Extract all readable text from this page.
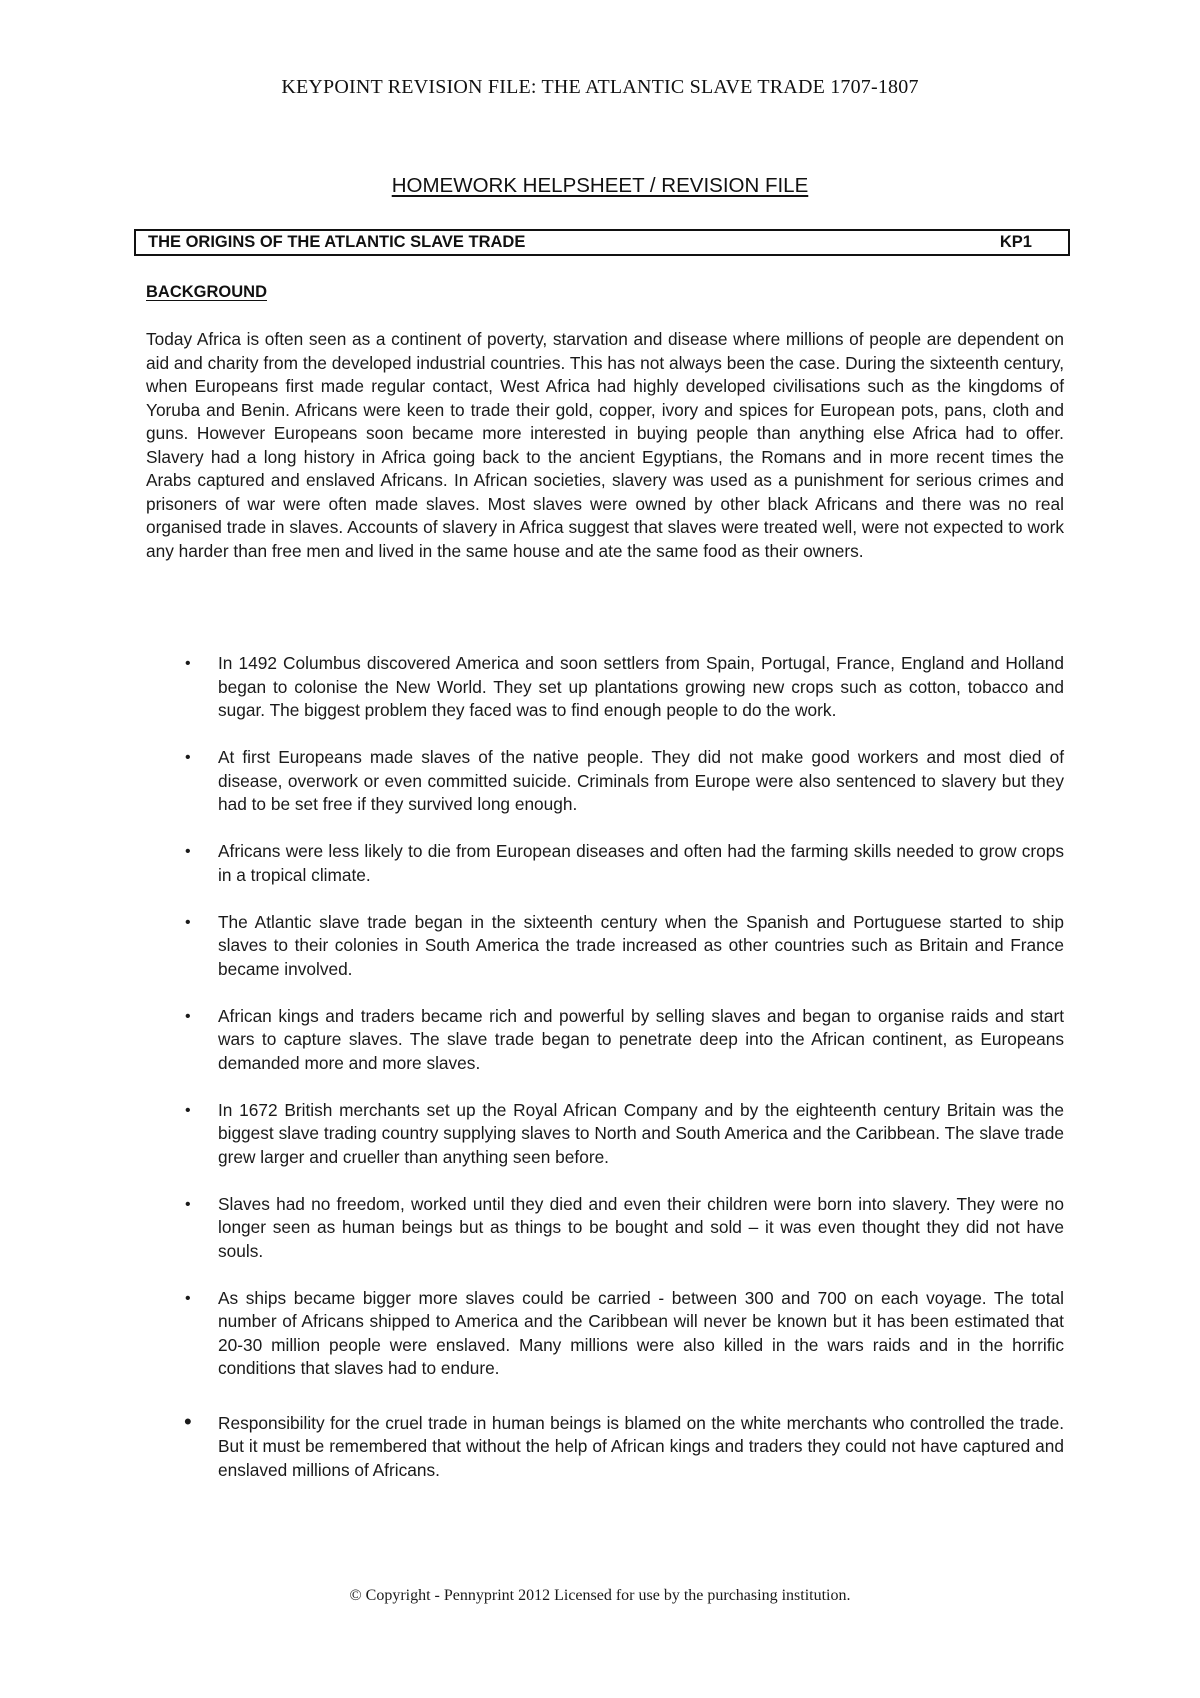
KEYPOINT REVISION FILE: THE ATLANTIC SLAVE TRADE 1707-1807
HOMEWORK HELPSHEET / REVISION FILE
THE ORIGINS OF THE ATLANTIC SLAVE TRADE	KP1
BACKGROUND

Today Africa is often seen as a continent of poverty, starvation and disease where millions of people are dependent on aid and charity from the developed industrial countries. This has not always been the case. During the sixteenth century, when Europeans first made regular contact, West Africa had highly developed civilisations such as the kingdoms of Yoruba and Benin. Africans were keen to trade their gold, copper, ivory and spices for European pots, pans, cloth and guns. However Europeans soon became more interested in buying people than anything else Africa had to offer. Slavery had a long history in Africa going back to the ancient Egyptians, the Romans and in more recent times the Arabs captured and enslaved Africans. In African societies, slavery was used as a punishment for serious crimes and prisoners of war were often made slaves. Most slaves were owned by other black Africans and there was no real organised trade in slaves. Accounts of slavery in Africa suggest that slaves were treated well, were not expected to work any harder than free men and lived in the same house and ate the same food as their owners.

• In 1492 Columbus discovered America and soon settlers from Spain, Portugal, France, England and Holland began to colonise the New World. They set up plantations growing new crops such as cotton, tobacco and sugar. The biggest problem they faced was to find enough people to do the work.
• At first Europeans made slaves of the native people. They did not make good workers and most died of disease, overwork or even committed suicide. Criminals from Europe were also sentenced to slavery but they had to be set free if they survived long enough.
• Africans were less likely to die from European diseases and often had the farming skills needed to grow crops in a tropical climate.
• The Atlantic slave trade began in the sixteenth century when the Spanish and Portuguese started to ship slaves to their colonies in South America the trade increased as other countries such as Britain and France became involved.
• African kings and traders became rich and powerful by selling slaves and began to organise raids and start wars to capture slaves. The slave trade began to penetrate deep into the African continent, as Europeans demanded more and more slaves.
• In 1672 British merchants set up the Royal African Company and by the eighteenth century Britain was the biggest slave trading country supplying slaves to North and South America and the Caribbean. The slave trade grew larger and crueller than anything seen before.
• Slaves had no freedom, worked until they died and even their children were born into slavery. They were no longer seen as human beings but as things to be bought and sold – it was even thought they did not have souls.
• As ships became bigger more slaves could be carried - between 300 and 700 on each voyage. The total number of Africans shipped to America and the Caribbean will never be known but it has been estimated that 20-30 million people were enslaved. Many millions were also killed in the wars raids and in the horrific conditions that slaves had to endure.
• Responsibility for the cruel trade in human beings is blamed on the white merchants who controlled the trade. But it must be remembered that without the help of African kings and traders they could not have captured and enslaved millions of Africans.
© Copyright - Pennyprint 2012 Licensed for use by the purchasing institution.
